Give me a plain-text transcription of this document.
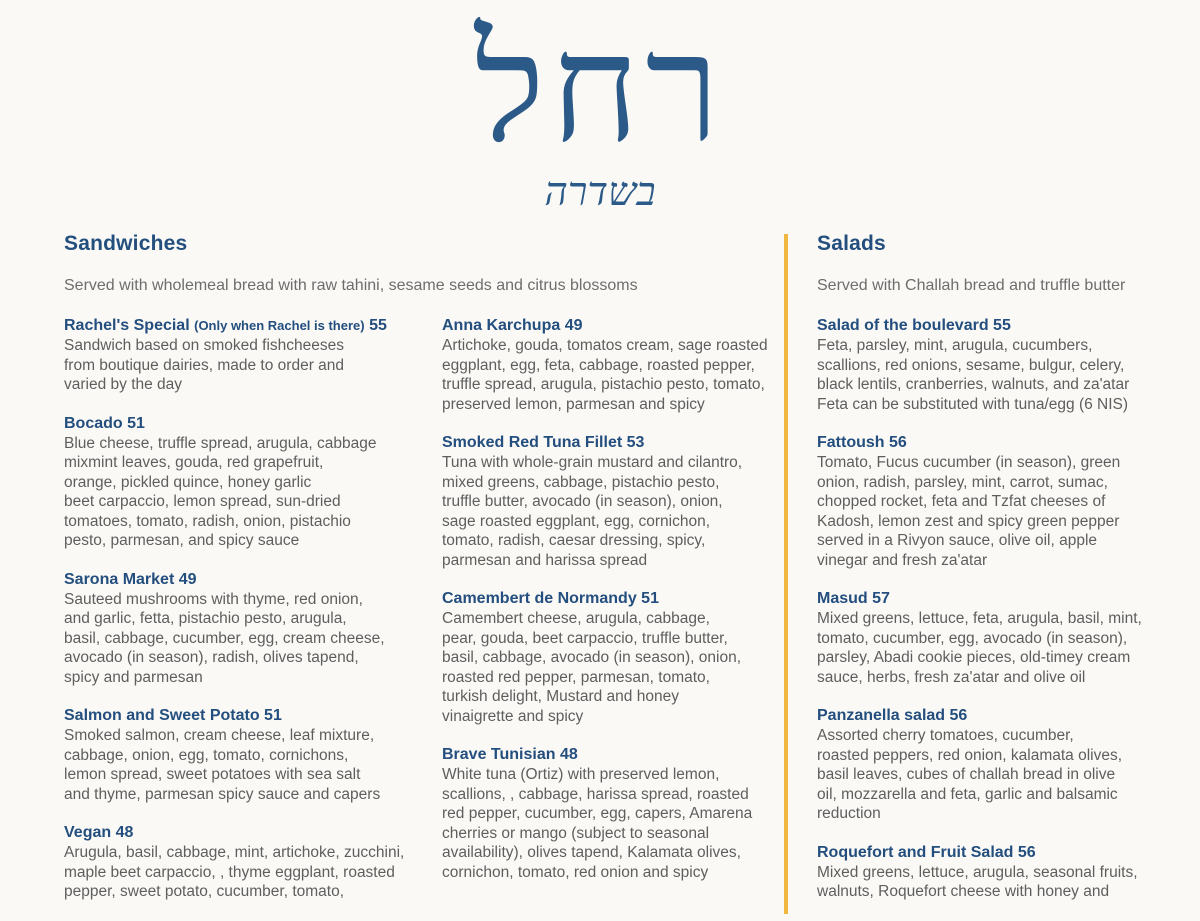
רחל
בשדרה
Sandwiches
Served with wholemeal bread with raw tahini, sesame seeds and citrus blossoms
Salads
Served with Challah bread and truffle butter
Rachel's Special (Only when Rachel is there) 55
Sandwich based on smoked fishcheeses
from boutique dairies, made to order and
varied by the day
Bocado 51
Blue cheese, truffle spread, arugula, cabbage
mixmint leaves, gouda, red grapefruit,
orange, pickled quince, honey garlic
beet carpaccio, lemon spread, sun-dried
tomatoes, tomato, radish, onion, pistachio
pesto, parmesan, and spicy sauce
Sarona Market 49
Sauteed mushrooms with thyme, red onion,
and garlic, fetta, pistachio pesto, arugula,
basil, cabbage, cucumber, egg, cream cheese,
avocado (in season), radish, olives tapend,
spicy and parmesan
Salmon and Sweet Potato 51
Smoked salmon, cream cheese, leaf mixture,
cabbage, onion, egg, tomato, cornichons,
lemon spread, sweet potatoes with sea salt
and thyme, parmesan spicy sauce and capers
Vegan 48
Arugula, basil, cabbage, mint, artichoke, zucchini,
maple beet carpaccio, , thyme eggplant, roasted
pepper, sweet potato, cucumber, tomato,
Anna Karchupa 49
Artichoke, gouda, tomatos cream, sage roasted
eggplant, egg, feta, cabbage, roasted pepper,
truffle spread, arugula, pistachio pesto, tomato,
preserved lemon, parmesan and spicy
Smoked Red Tuna Fillet 53
Tuna with whole-grain mustard and cilantro,
mixed greens, cabbage, pistachio pesto,
truffle butter, avocado (in season), onion,
sage roasted eggplant, egg, cornichon,
tomato, radish, caesar dressing, spicy,
parmesan and harissa spread
Camembert de Normandy 51
Camembert cheese, arugula, cabbage,
pear, gouda, beet carpaccio, truffle butter,
basil, cabbage, avocado (in season), onion,
roasted red pepper, parmesan, tomato,
turkish delight, Mustard and honey
vinaigrette and spicy
Brave Tunisian 48
White tuna (Ortiz) with preserved lemon,
scallions, , cabbage, harissa spread, roasted
red pepper, cucumber, egg, capers, Amarena
cherries or mango (subject to seasonal
availability), olives tapend, Kalamata olives,
cornichon, tomato, red onion and spicy
Salad of the boulevard 55
Feta, parsley, mint, arugula, cucumbers,
scallions, red onions, sesame, bulgur, celery,
black lentils, cranberries, walnuts, and za'atar
Feta can be substituted with tuna/egg (6 NIS)
Fattoush 56
Tomato, Fucus cucumber (in season), green
onion, radish, parsley, mint, carrot, sumac,
chopped rocket, feta and Tzfat cheeses of
Kadosh, lemon zest and spicy green pepper
served in a Rivyon sauce, olive oil, apple
vinegar and fresh za'atar
Masud 57
Mixed greens, lettuce, feta, arugula, basil, mint,
tomato, cucumber, egg, avocado (in season),
parsley, Abadi cookie pieces, old-timey cream
sauce, herbs, fresh za'atar and olive oil
Panzanella salad 56
Assorted cherry tomatoes, cucumber,
roasted peppers, red onion, kalamata olives,
basil leaves, cubes of challah bread in olive
oil, mozzarella and feta, garlic and balsamic
reduction
Roquefort and Fruit Salad 56
Mixed greens, lettuce, arugula, seasonal fruits,
walnuts, Roquefort cheese with honey and
